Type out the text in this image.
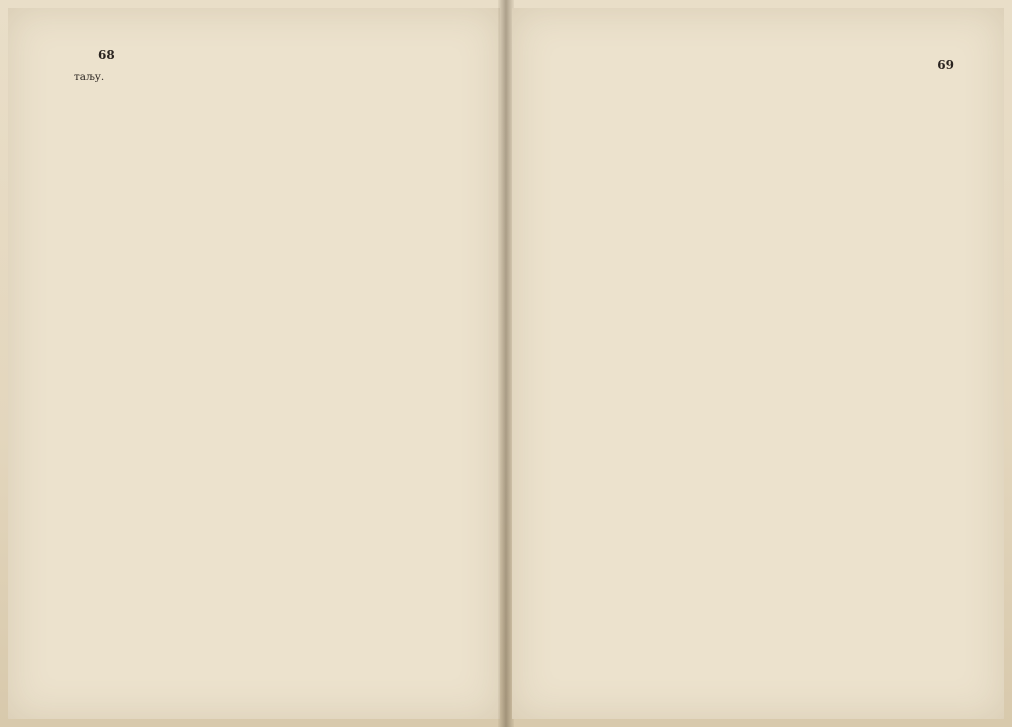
68

таљу.

69
